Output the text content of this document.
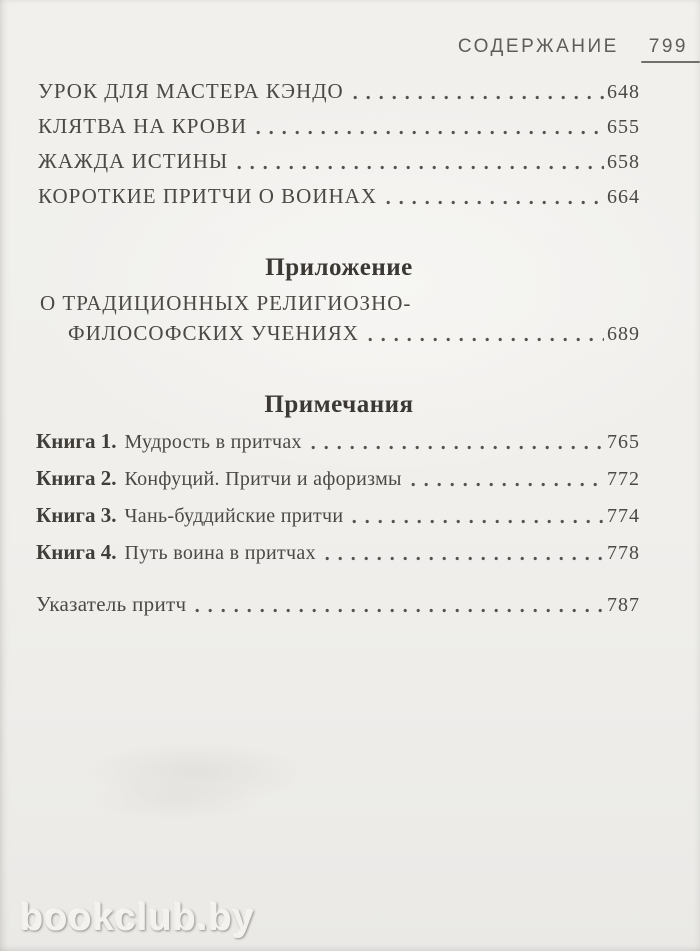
СОДЕРЖАНИЕ 799
УРОК ДЛЯ МАСТЕРА КЭНДО	648
КЛЯТВА НА КРОВИ	655
ЖАЖДА ИСТИНЫ	658
КОРОТКИЕ ПРИТЧИ О ВОИНАХ	664
Приложение
О ТРАДИЦИОННЫХ РЕЛИГИОЗНО-
ФИЛОСОФСКИХ УЧЕНИЯХ	689
Примечания
Книга 1. Мудрость в притчах	765
Книга 2. Конфуций. Притчи и афоризмы	772
Книга 3. Чань-буддийские притчи	774
Книга 4. Путь воина в притчах	778
Указатель притч	787
bookclub.by
